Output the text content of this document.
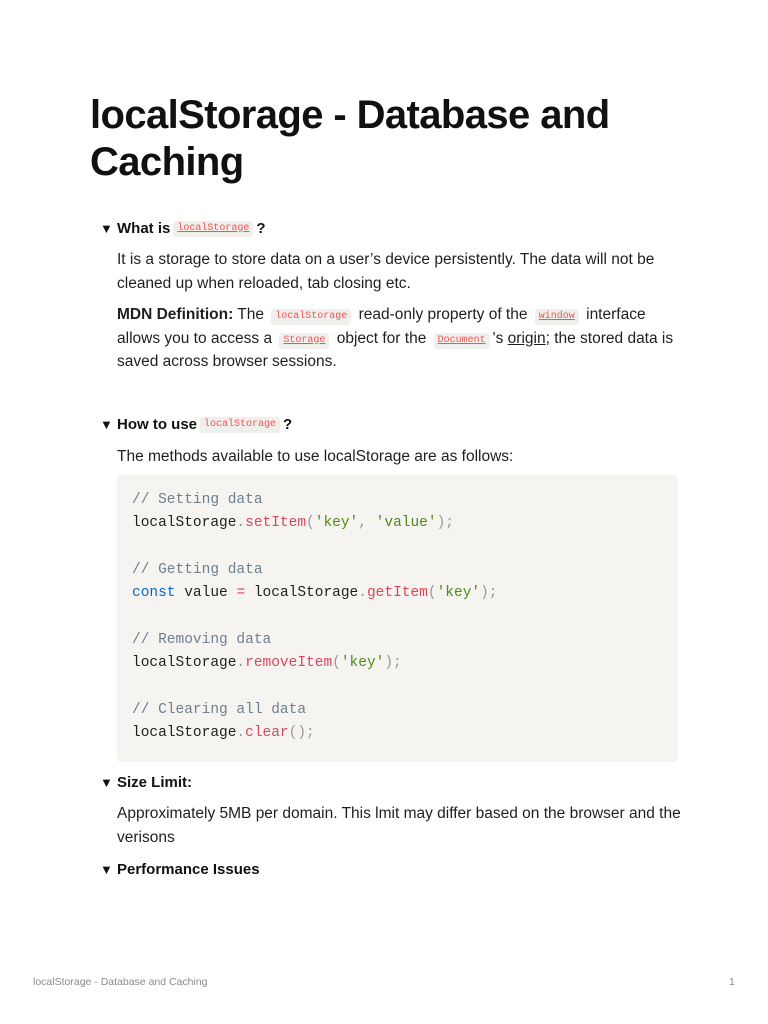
localStorage - Database and Caching
▼ What is localStorage ?

It is a storage to store data on a user’s device persistently. The data will not be cleaned up when reloaded, tab closing etc.

MDN Definition: The localStorage read-only property of the window interface allows you to access a Storage object for the Document 's origin; the stored data is saved across browser sessions.

▼ How to use localStorage ?

The methods available to use localStorage are as follows:

// Setting data
localStorage.setItem('key', 'value');
// Getting data
const value = localStorage.getItem('key');
// Removing data
localStorage.removeItem('key');
// Clearing all data
localStorage.clear();
▼ Size Limit:

Approximately 5MB per domain. This lmit may differ based on the browser and the verisons

▼ Performance Issues
localStorage - Database and Caching	1
